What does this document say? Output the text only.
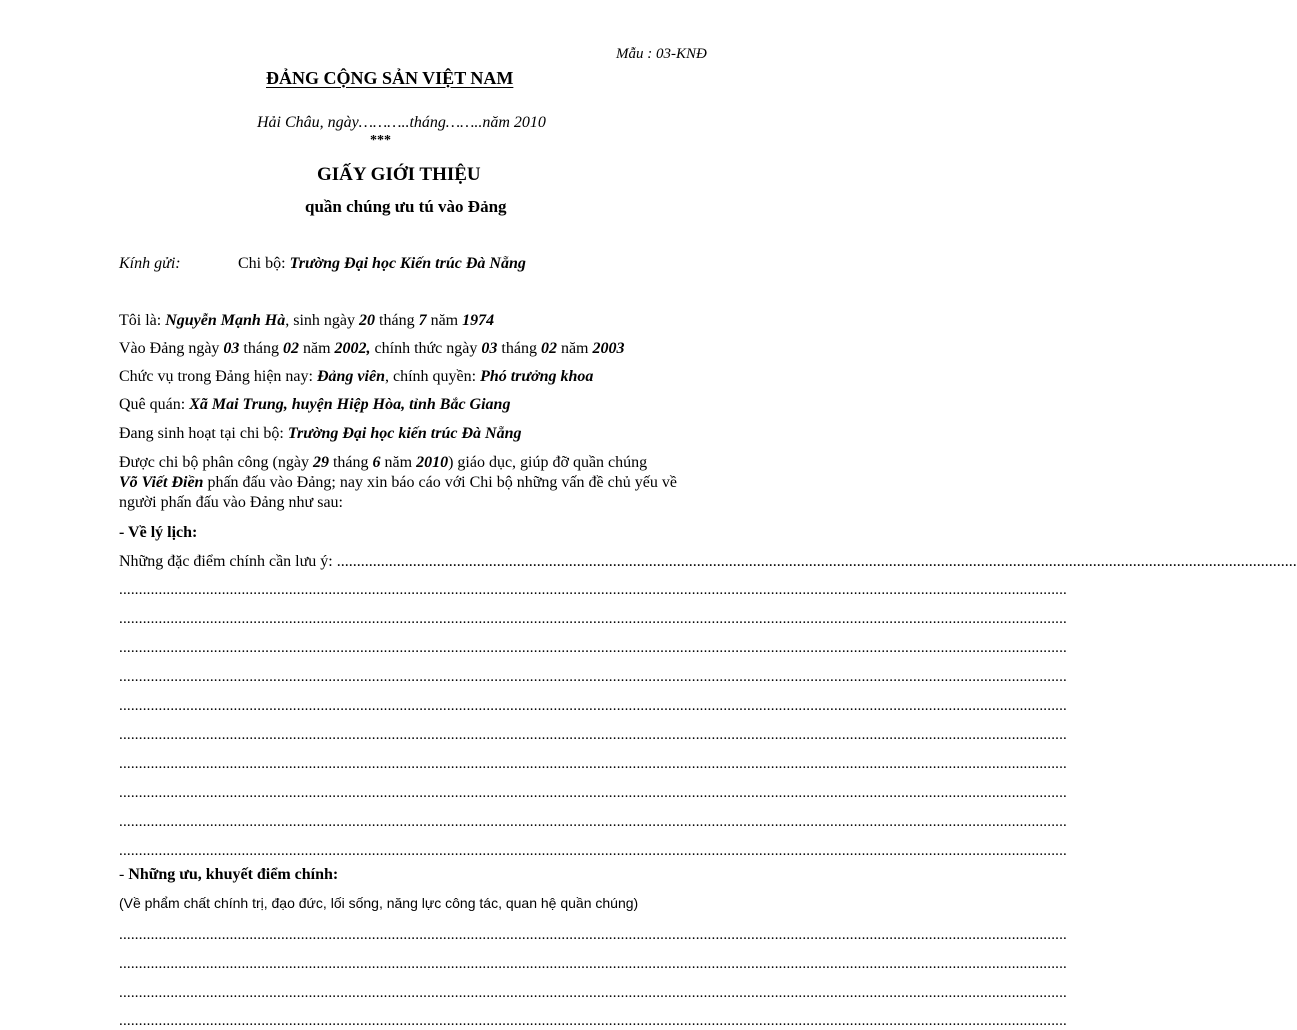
Mẫu : 03-KNĐ
ĐẢNG CỘNG SẢN VIỆT NAM
Hải Châu, ngày………..tháng……..năm 2010
***
GIẤY GIỚI THIỆU
quần chúng ưu tú vào Đảng
Kính gửi:	Chi bộ: Trường Đại học Kiến trúc Đà Nẵng
Tôi là: Nguyễn Mạnh Hà, sinh ngày 20 tháng 7 năm 1974
Vào Đảng ngày 03 tháng 02 năm 2002, chính thức ngày 03 tháng 02 năm 2003
Chức vụ trong Đảng hiện nay: Đảng viên, chính quyền: Phó trưởng khoa
Quê quán: Xã Mai Trung, huyện Hiệp Hòa, tỉnh Bắc Giang
Đang sinh hoạt tại chi bộ: Trường Đại học kiến trúc Đà Nẵng
Được chi bộ phân công (ngày 29 tháng 6 năm 2010) giáo dục, giúp đỡ quần chúng
Võ Viết Điền phấn đấu vào Đảng; nay xin báo cáo với Chi bộ những vấn đề chủ yếu về
người phấn đấu vào Đảng như sau:
- Về lý lịch:
Những đặc điểm chính cần lưu ý: ................................................................................................................................................................................................................................................
................................................................................................................................................................................................................................................
................................................................................................................................................................................................................................................
................................................................................................................................................................................................................................................
................................................................................................................................................................................................................................................
................................................................................................................................................................................................................................................
................................................................................................................................................................................................................................................
................................................................................................................................................................................................................................................
................................................................................................................................................................................................................................................
................................................................................................................................................................................................................................................
................................................................................................................................................................................................................................................
- Những ưu, khuyết điểm chính:
(Về phẩm chất chính trị, đạo đức, lối sống, năng lực công tác, quan hệ quần chúng)
................................................................................................................................................................................................................................................
................................................................................................................................................................................................................................................
................................................................................................................................................................................................................................................
................................................................................................................................................................................................................................................
